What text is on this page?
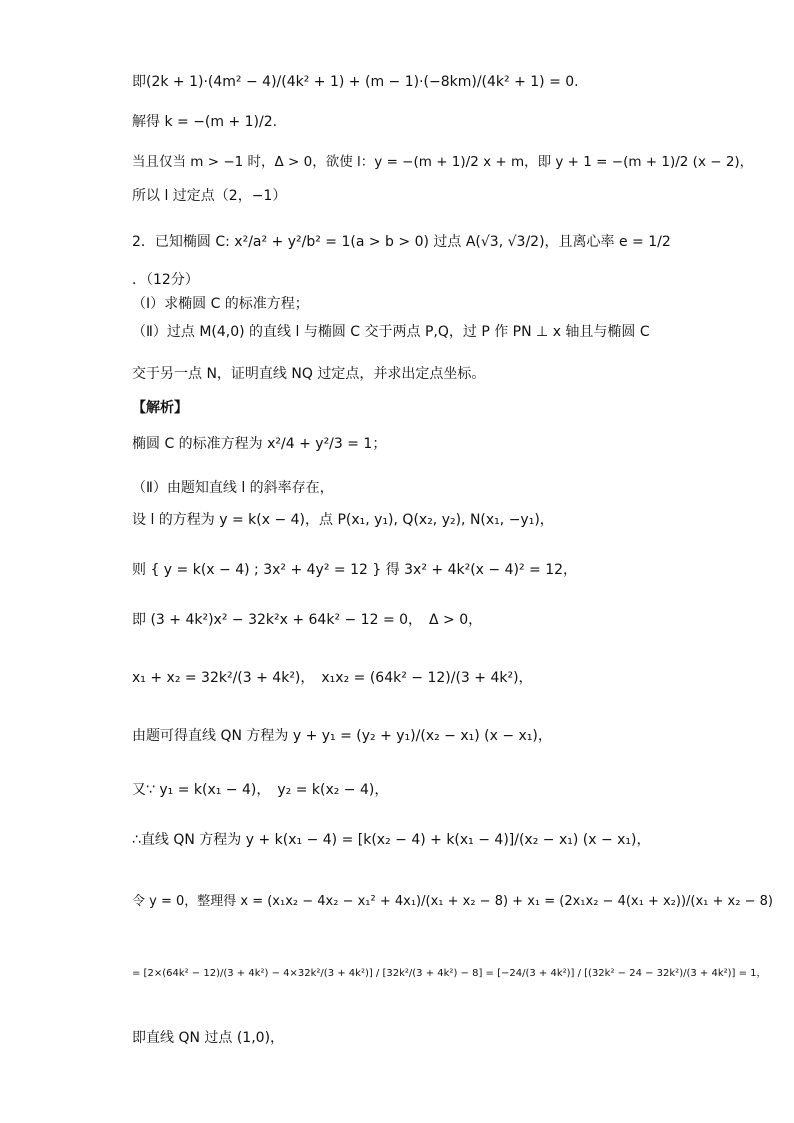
即(2k + 1)·(4m² − 4)/(4k² + 1) + (m − 1)·(−8km)/(4k² + 1) = 0.
解得 k = −(m + 1)/2.
当且仅当 m > −1 时，Δ > 0，欲使 l：y = −(m + 1)/2 x + m，即 y + 1 = −(m + 1)/2 (x − 2)，
所以 l 过定点（2，−1）
2．已知椭圆 C: x²/a² + y²/b² = 1(a > b > 0) 过点 A(√3, √3/2)，且离心率 e = 1/2
．（12分）
（Ⅰ）求椭圆 C 的标准方程；
（Ⅱ）过点 M(4,0) 的直线 l 与椭圆 C 交于两点 P,Q，过 P 作 PN ⊥ x 轴且与椭圆 C
交于另一点 N，证明直线 NQ 过定点，并求出定点坐标。
【解析】
椭圆 C 的标准方程为 x²/4 + y²/3 = 1；
（Ⅱ）由题知直线 l 的斜率存在，
设 l 的方程为 y = k(x − 4)，点 P(x₁, y₁), Q(x₂, y₂), N(x₁, −y₁)，
则 { y = k(x − 4) ; 3x² + 4y² = 12 } 得 3x² + 4k²(x − 4)² = 12，
即 (3 + 4k²)x² − 32k²x + 64k² − 12 = 0，　Δ > 0，
x₁ + x₂ = 32k²/(3 + 4k²)，　x₁x₂ = (64k² − 12)/(3 + 4k²)，
由题可得直线 QN 方程为 y + y₁ = (y₂ + y₁)/(x₂ − x₁) (x − x₁)，
又∵ y₁ = k(x₁ − 4)，　y₂ = k(x₂ − 4)，
∴直线 QN 方程为 y + k(x₁ − 4) = [k(x₂ − 4) + k(x₁ − 4)]/(x₂ − x₁) (x − x₁)，
令 y = 0，整理得 x = (x₁x₂ − 4x₂ − x₁² + 4x₁)/(x₁ + x₂ − 8) + x₁ = (2x₁x₂ − 4(x₁ + x₂))/(x₁ + x₂ − 8)
= [2×(64k² − 12)/(3 + 4k²) − 4×32k²/(3 + 4k²)] / [32k²/(3 + 4k²) − 8] = [−24/(3 + 4k²)] / [(32k² − 24 − 32k²)/(3 + 4k²)] = 1，
即直线 QN 过点 (1,0)，
